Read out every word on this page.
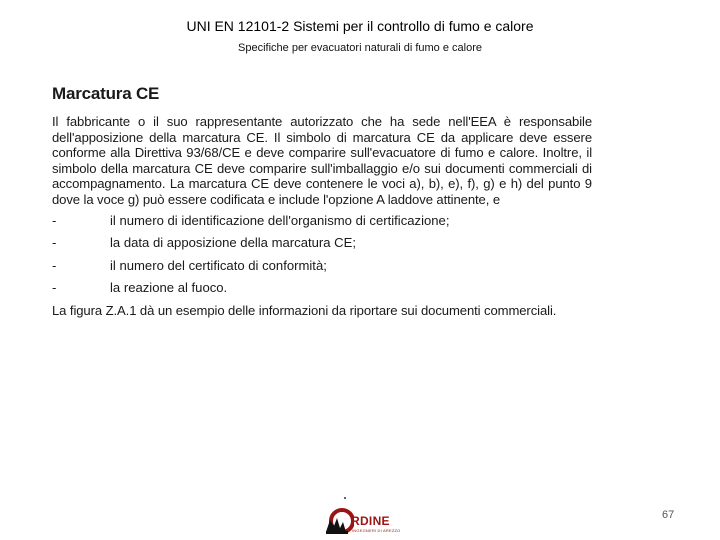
UNI EN 12101-2 Sistemi per il controllo di fumo e calore
Specifiche per evacuatori naturali di fumo e calore
Marcatura CE

Il fabbricante o il suo rappresentante autorizzato che ha sede nell'EEA è responsabile dell'apposizione della marcatura CE. Il simbolo di marcatura CE da applicare deve essere conforme alla Direttiva 93/68/CE e deve comparire sull'evacuatore di fumo e calore. Inoltre, il simbolo della marcatura CE deve comparire sull'imballaggio e/o sui documenti commerciali di accompagnamento. La marcatura CE deve contenere le voci a), b), e), f), g) e h) del punto 9 dove la voce g) può essere codificata e include l'opzione A laddove attinente, e

-	il numero di identificazione dell'organismo di certificazione;
-	la data di apposizione della marcatura CE;
-	il numero del certificato di conformità;
-	la reazione al fuoco.

La figura Z.A.1 dà un esempio delle informazioni da riportare sui documenti commerciali.

RDINE
INGEGNERI DI AREZZO
67
